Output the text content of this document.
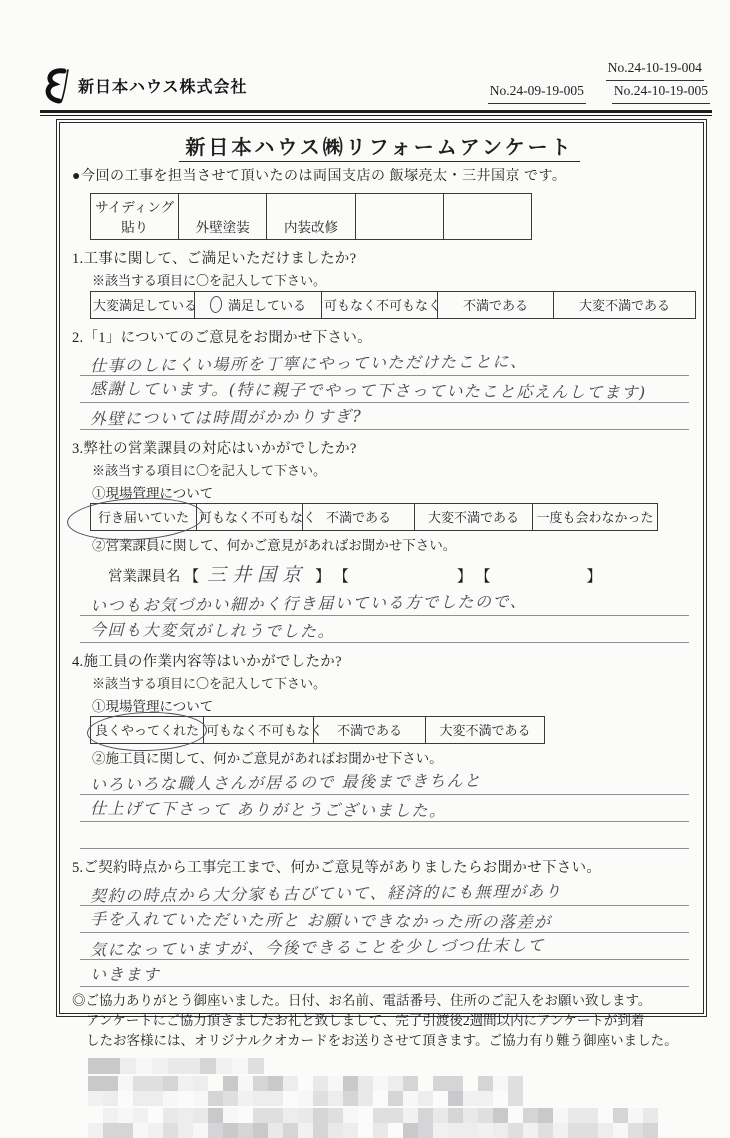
新日本ハウス株式会社
No.24-10-19-004
No.24-09-19-005 No.24-10-19-005
新日本ハウス㈱リフォームアンケート
●今回の工事を担当させて頂いたのは両国支店の 飯塚亮太・三井国京 です。
サイディング貼り	外壁塗装	内装改修		
1.工事に関して、ご満足いただけましたか?
※該当する項目に〇を記入して下さい。
大変満足している	満足している	可もなく不可もなく	不満である	大変不満である
2.「1」についてのご意見をお聞かせ下さい。
仕事のしにくい場所を丁寧にやっていただけたことに、
感謝しています。(特に親子でやって下さっていたこと応えんしてます)
外壁については時間がかかりすぎ?
3.弊社の営業課員の対応はいかがでしたか?
※該当する項目に〇を記入して下さい。
①現場管理について
行き届いていた	可もなく不可もなく	不満である	大変不満である	一度も会わなかった
②営業課員に関して、何かご意見があればお聞かせ下さい。
営業課員名 【 三井国京 】 【	】 【	】
いつもお気づかい細かく行き届いている方でしたので、
今回も大変気がしれうでした。
4.施工員の作業内容等はいかがでしたか?
※該当する項目に〇を記入して下さい。
①現場管理について
良くやってくれた	可もなく不可もなく	不満である	大変不満である
②施工員に関して、何かご意見があればお聞かせ下さい。
いろいろな職人さんが居るので 最後まできちんと
仕上げて下さって ありがとうございました。
5.ご契約時点から工事完工まで、何かご意見等がありましたらお聞かせ下さい。
契約の時点から大分家も古びていて、経済的にも無理があり
手を入れていただいた所と お願いできなかった所の落差が
気になっていますが、今後できることを少しづつ仕末して
いきます
◎ご協力ありがとう御座いました。日付、お名前、電話番号、住所のご記入をお願い致します。
アンケートにご協力頂きましたお礼と致しまして、完了引渡後2週間以内にアンケートが到着
したお客様には、オリジナルクオカードをお送りさせて頂きます。ご協力有り難う御座いました。
